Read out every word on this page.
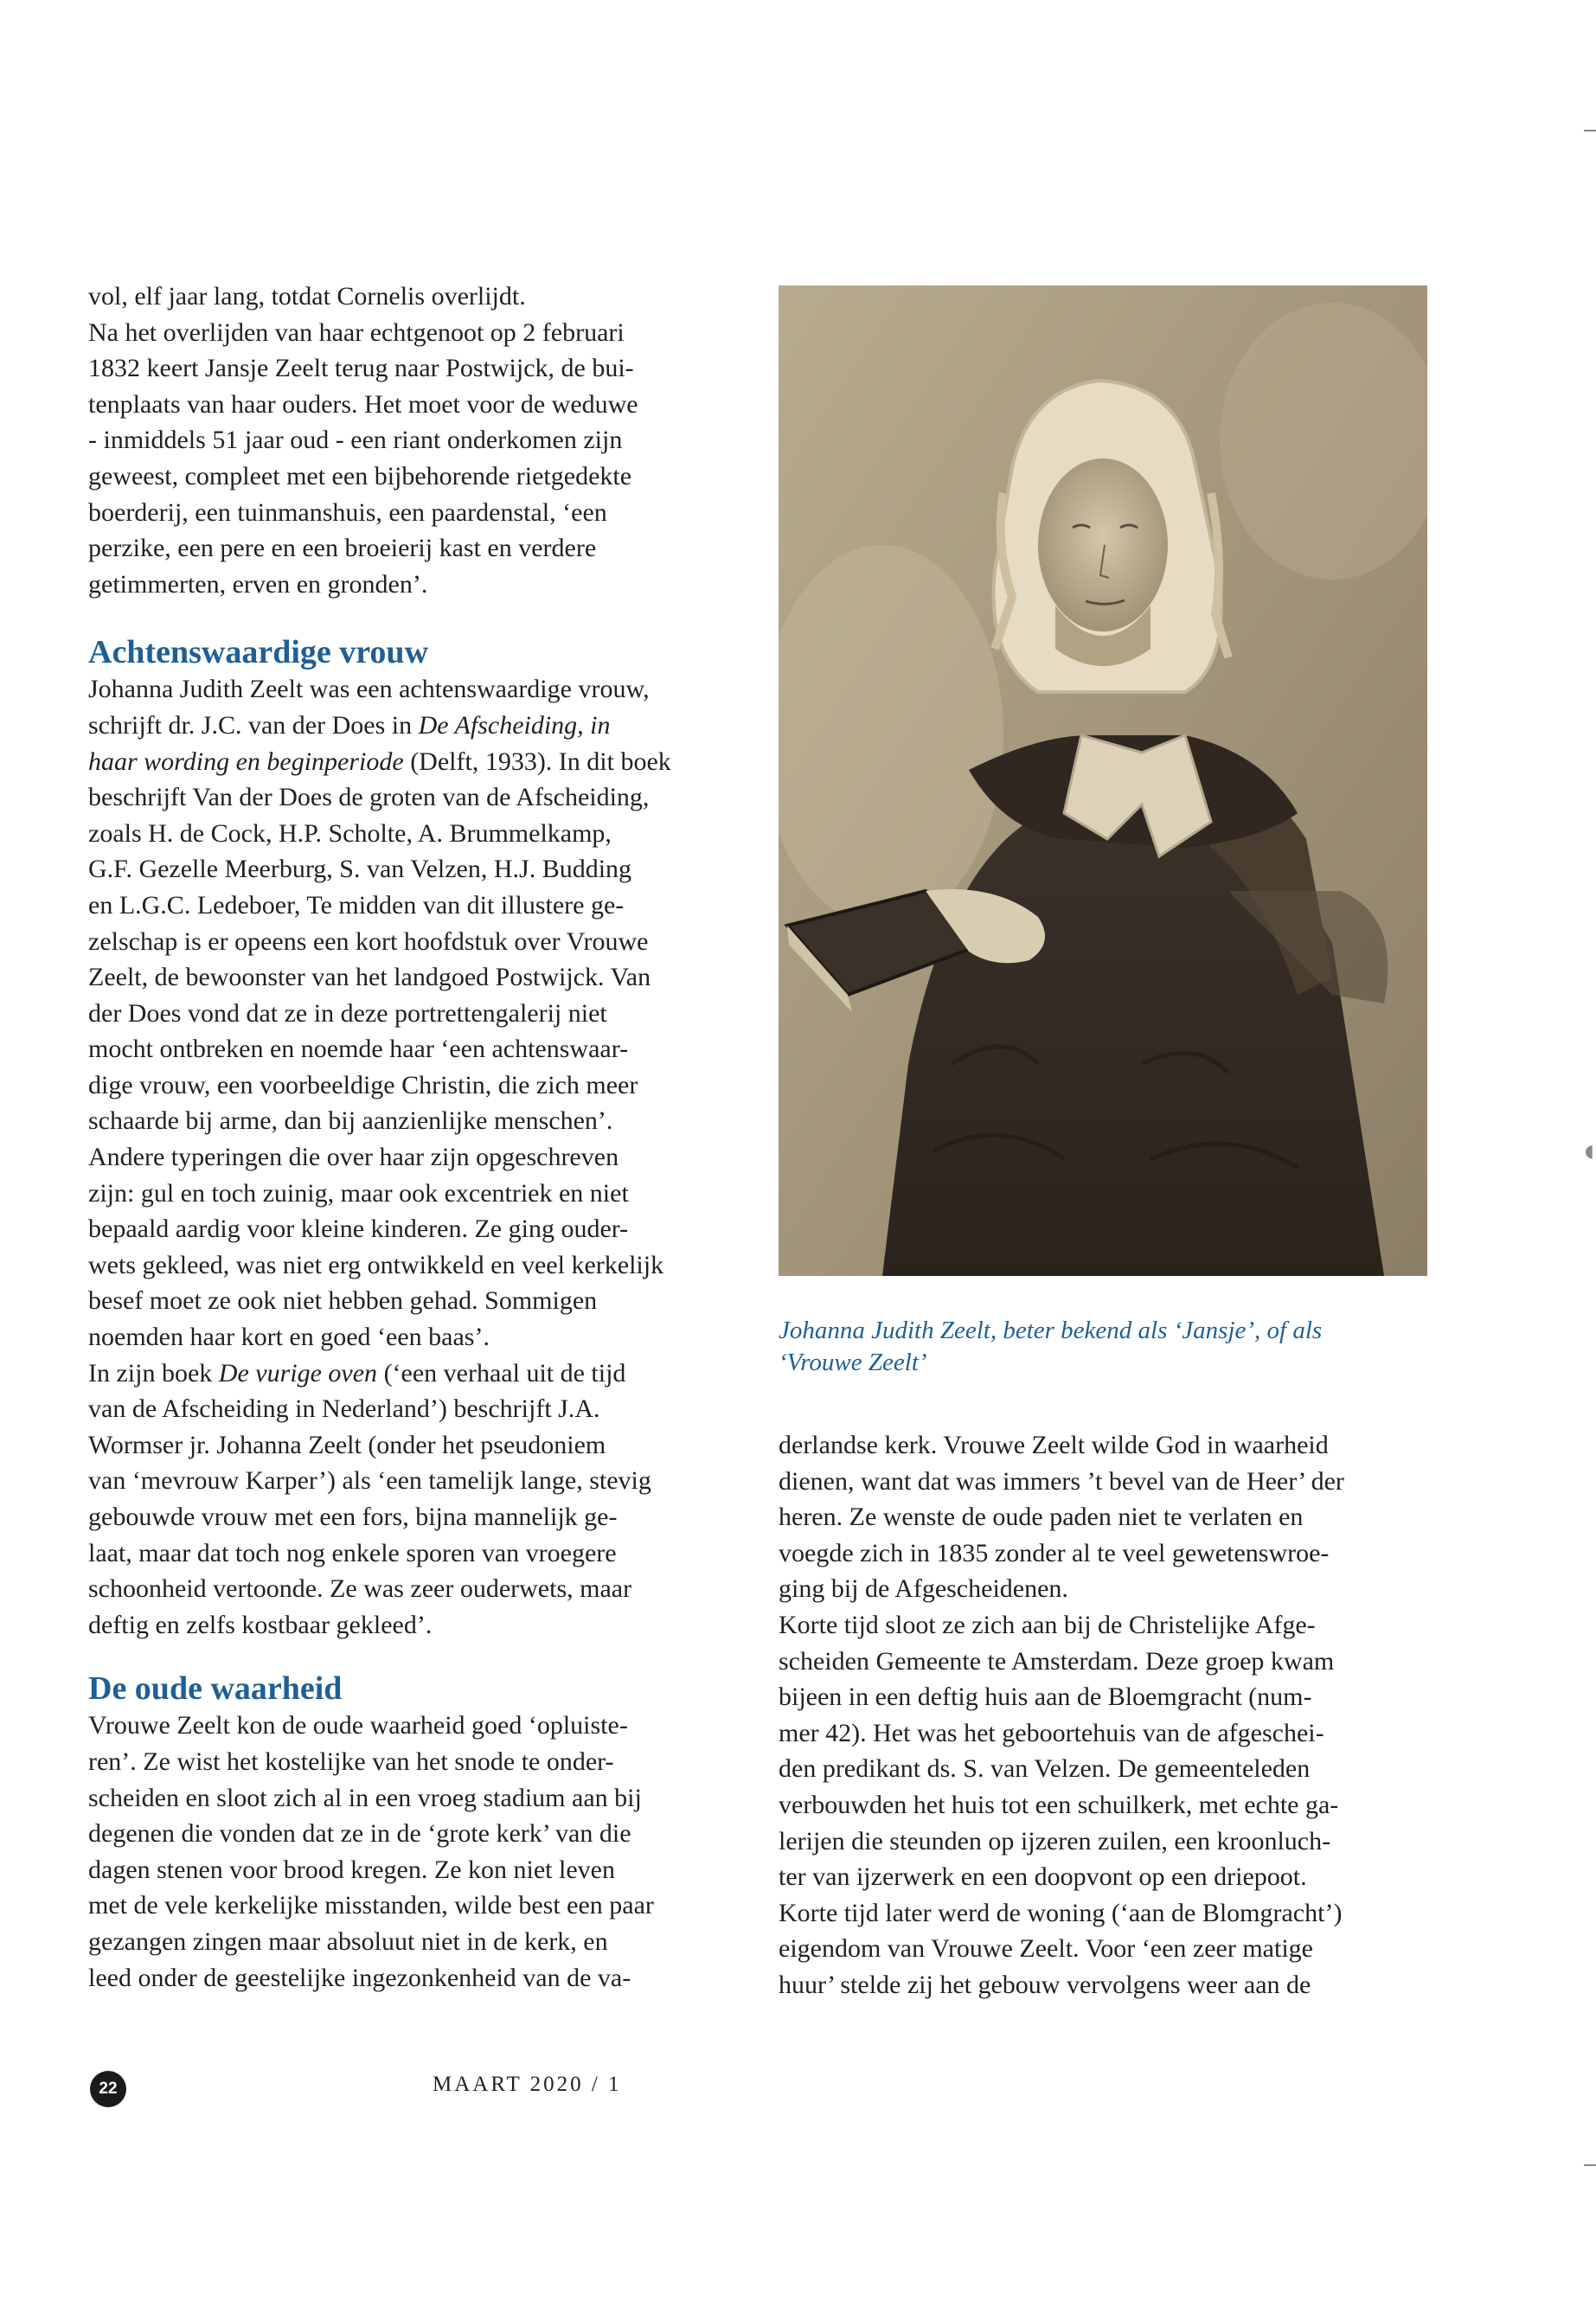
vol, elf jaar lang, totdat Cornelis overlijdt.
Na het overlijden van haar echtgenoot op 2 februari
1832 keert Jansje Zeelt terug naar Postwijck, de bui-
tenplaats van haar ouders. Het moet voor de weduwe
- inmiddels 51 jaar oud - een riant onderkomen zijn
geweest, compleet met een bijbehorende rietgedekte
boerderij, een tuinmanshuis, een paardenstal, ‘een
perzike, een pere en een broeierij kast en verdere
getimmerten, erven en gronden’.

Achtenswaardige vrouw

Johanna Judith Zeelt was een achtenswaardige vrouw,
schrijft dr. J.C. van der Does in De Afscheiding, in
haar wording en beginperiode (Delft, 1933). In dit boek
beschrijft Van der Does de groten van de Afscheiding,
zoals H. de Cock, H.P. Scholte, A. Brummelkamp,
G.F. Gezelle Meerburg, S. van Velzen, H.J. Budding
en L.G.C. Ledeboer, Te midden van dit illustere ge-
zelschap is er opeens een kort hoofdstuk over Vrouwe
Zeelt, de bewoonster van het landgoed Postwijck. Van
der Does vond dat ze in deze portrettengalerij niet
mocht ontbreken en noemde haar ‘een achtenswaar-
dige vrouw, een voorbeeldige Christin, die zich meer
schaarde bij arme, dan bij aanzienlijke menschen’.
Andere typeringen die over haar zijn opgeschreven
zijn: gul en toch zuinig, maar ook excentriek en niet
bepaald aardig voor kleine kinderen. Ze ging ouder-
wets gekleed, was niet erg ontwikkeld en veel kerkelijk
besef moet ze ook niet hebben gehad. Sommigen
noemden haar kort en goed ‘een baas’.
In zijn boek De vurige oven (‘een verhaal uit de tijd
van de Afscheiding in Nederland’) beschrijft J.A.
Wormser jr. Johanna Zeelt (onder het pseudoniem
van ‘mevrouw Karper’) als ‘een tamelijk lange, stevig
gebouwde vrouw met een fors, bijna mannelijk ge-
laat, maar dat toch nog enkele sporen van vroegere
schoonheid vertoonde. Ze was zeer ouderwets, maar
deftig en zelfs kostbaar gekleed’.

De oude waarheid

Vrouwe Zeelt kon de oude waarheid goed ‘opluiste-
ren’. Ze wist het kostelijke van het snode te onder-
scheiden en sloot zich al in een vroeg stadium aan bij
degenen die vonden dat ze in de ‘grote kerk’ van die
dagen stenen voor brood kregen. Ze kon niet leven
met de vele kerkelijke misstanden, wilde best een paar
gezangen zingen maar absoluut niet in de kerk, en
leed onder de geestelijke ingezonkenheid van de va-

Johanna Judith Zeelt, beter bekend als ‘Jansje’, of als
‘Vrouwe Zeelt’

derlandse kerk. Vrouwe Zeelt wilde God in waarheid
dienen, want dat was immers ’t bevel van de Heer’ der
heren. Ze wenste de oude paden niet te verlaten en
voegde zich in 1835 zonder al te veel gewetenswroe-
ging bij de Afgescheidenen.
Korte tijd sloot ze zich aan bij de Christelijke Afge-
scheiden Gemeente te Amsterdam. Deze groep kwam
bijeen in een deftig huis aan de Bloemgracht (num-
mer 42). Het was het geboortehuis van de afgeschei-
den predikant ds. S. van Velzen. De gemeenteleden
verbouwden het huis tot een schuilkerk, met echte ga-
lerijen die steunden op ijzeren zuilen, een kroonluch-
ter van ijzerwerk en een doopvont op een driepoot.
Korte tijd later werd de woning (‘aan de Blomgracht’)
eigendom van Vrouwe Zeelt. Voor ‘een zeer matige
huur’ stelde zij het gebouw vervolgens weer aan de

22	MAART 2020 / 1
◖
